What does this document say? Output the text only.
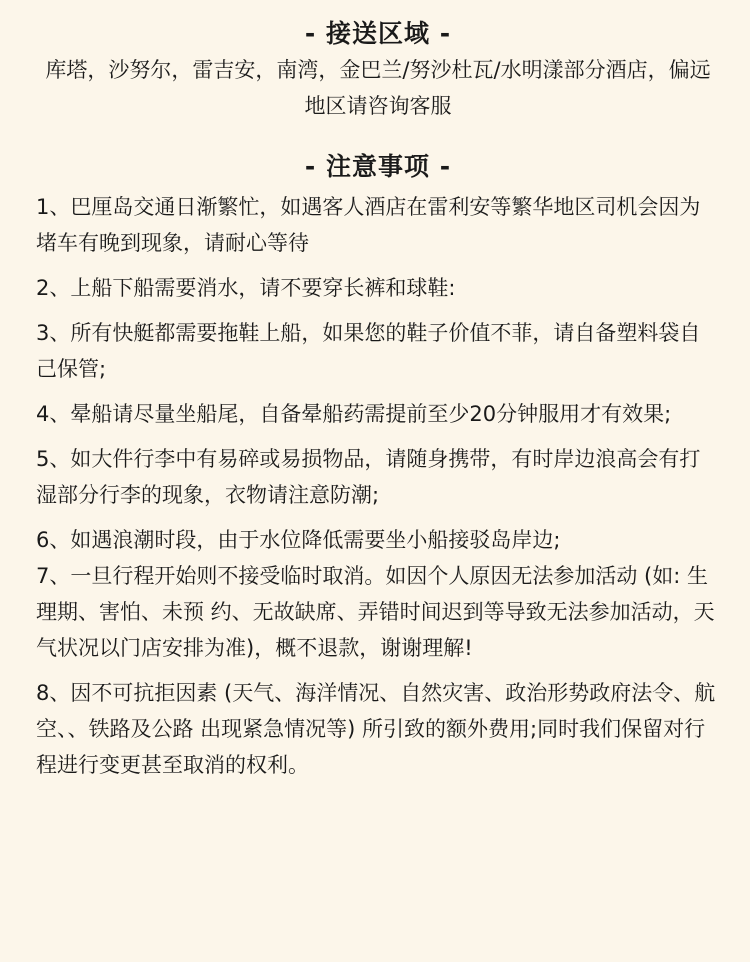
- 接送区域 -

库塔，沙努尔，雷吉安，南湾，金巴兰/努沙杜瓦/水明漾部分酒店，偏远地区请咨询客服

- 注意事项 -
1、巴厘岛交通日渐繁忙，如遇客人酒店在雷利安等繁华地区司机会因为堵车有晚到现象，请耐心等待
2、上船下船需要消水，请不要穿长裤和球鞋:
3、所有快艇都需要拖鞋上船，如果您的鞋子价值不菲，请自备塑料袋自己保管;
4、晕船请尽量坐船尾，自备晕船药需提前至少20分钟服用才有效果;
5、如大件行李中有易碎或易损物品，请随身携带，有时岸边浪高会有打湿部分行李的现象，衣物请注意防潮;
6、如遇浪潮时段，由于水位降低需要坐小船接驳岛岸边;
7、一旦行程开始则不接受临时取消。如因个人原因无法参加活动 (如: 生理期、害怕、未预 约、无故缺席、弄错时间迟到等导致无法参加活动，天气状况以门店安排为准)，概不退款，谢谢理解!
8、因不可抗拒因素 (天气、海洋情况、自然灾害、政治形势政府法令、航空、、铁路及公路 出现紧急情况等) 所引致的额外费用;同时我们保留对行程进行变更甚至取消的权利。
